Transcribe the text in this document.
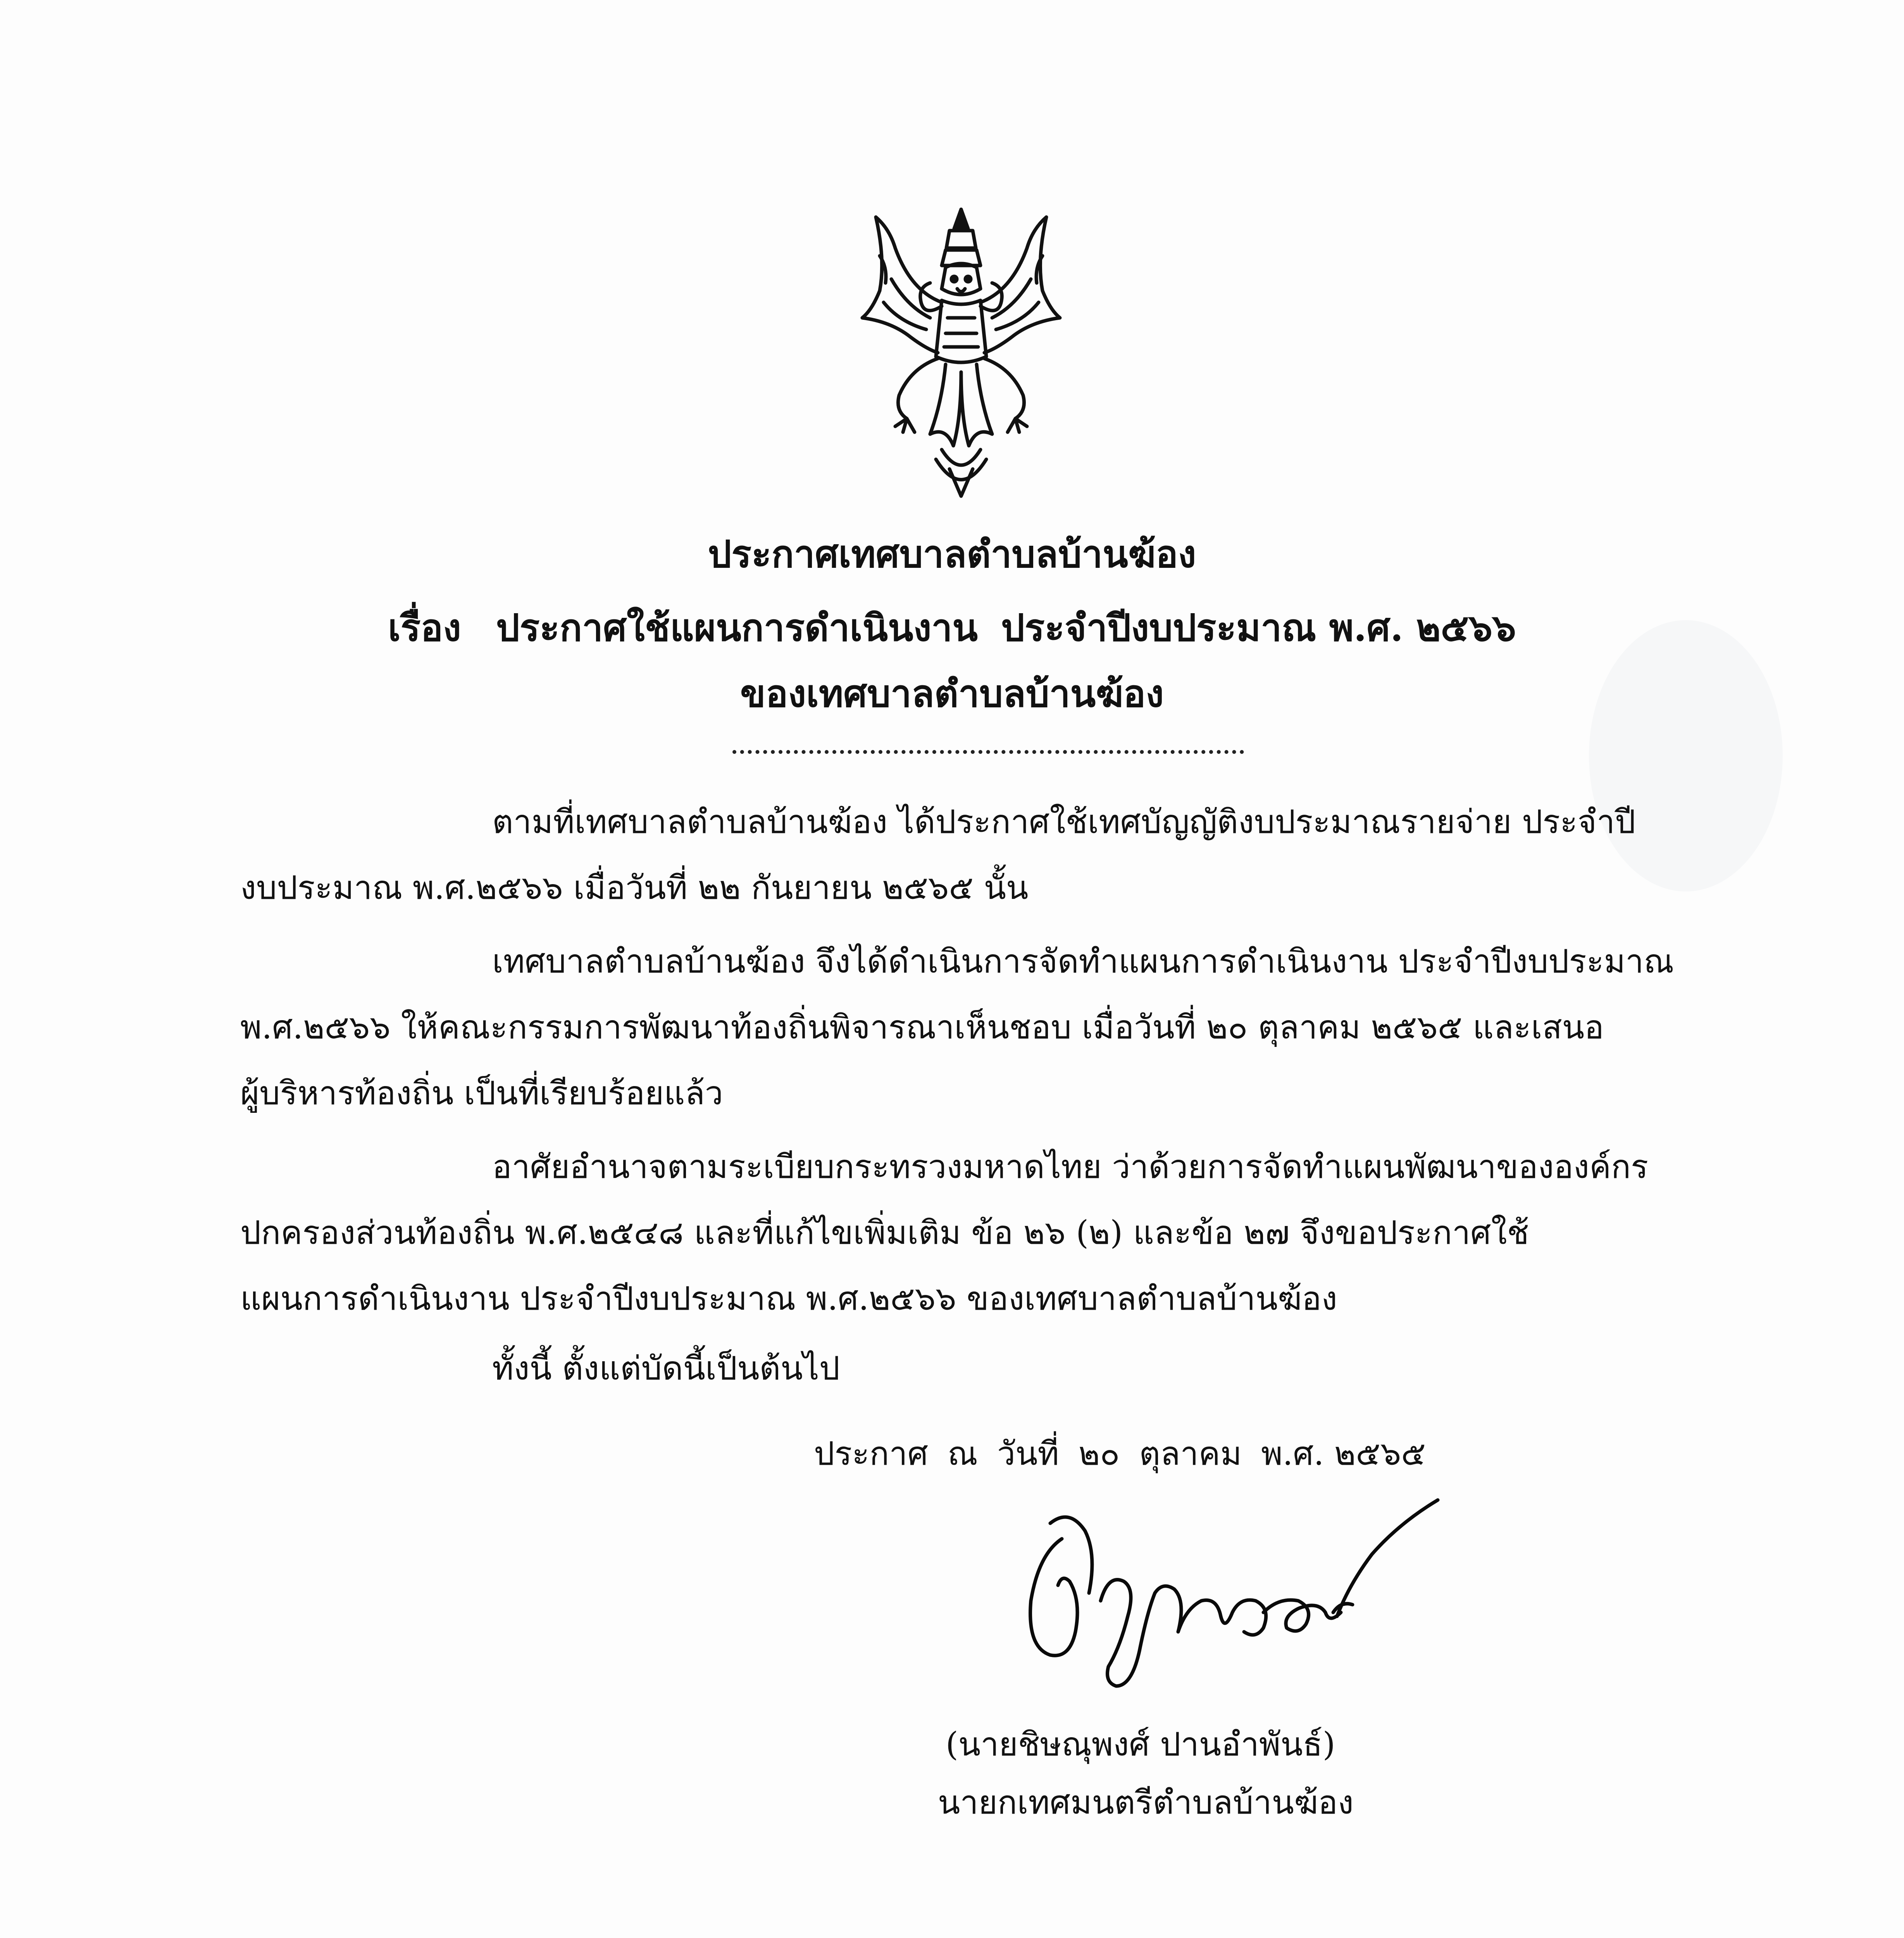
ประกาศเทศบาลตำบลบ้านฆ้อง
เรื่อง ประกาศใช้แผนการดำเนินงาน ประจำปีงบประมาณ พ.ศ. ๒๕๖๖
ของเทศบาลตำบลบ้านฆ้อง
ตามที่เทศบาลตำบลบ้านฆ้อง ได้ประกาศใช้เทศบัญญัติงบประมาณรายจ่าย ประจำปี
งบประมาณ พ.ศ.๒๕๖๖ เมื่อวันที่ ๒๒ กันยายน ๒๕๖๕ นั้น
เทศบาลตำบลบ้านฆ้อง จึงได้ดำเนินการจัดทำแผนการดำเนินงาน ประจำปีงบประมาณ
พ.ศ.๒๕๖๖ ให้คณะกรรมการพัฒนาท้องถิ่นพิจารณาเห็นชอบ เมื่อวันที่ ๒๐ ตุลาคม ๒๕๖๕ และเสนอ
ผู้บริหารท้องถิ่น เป็นที่เรียบร้อยแล้ว
อาศัยอำนาจตามระเบียบกระทรวงมหาดไทย ว่าด้วยการจัดทำแผนพัฒนาขององค์กร
ปกครองส่วนท้องถิ่น พ.ศ.๒๕๔๘ และที่แก้ไขเพิ่มเติม ข้อ ๒๖ (๒) และข้อ ๒๗ จึงขอประกาศใช้
แผนการดำเนินงาน ประจำปีงบประมาณ พ.ศ.๒๕๖๖ ของเทศบาลตำบลบ้านฆ้อง
ทั้งนี้ ตั้งแต่บัดนี้เป็นต้นไป
ประกาศ ณ วันที่ ๒๐ ตุลาคม พ.ศ. ๒๕๖๕
(นายชิษณุพงศ์ ปานอำพันธ์)
นายกเทศมนตรีตำบลบ้านฆ้อง
